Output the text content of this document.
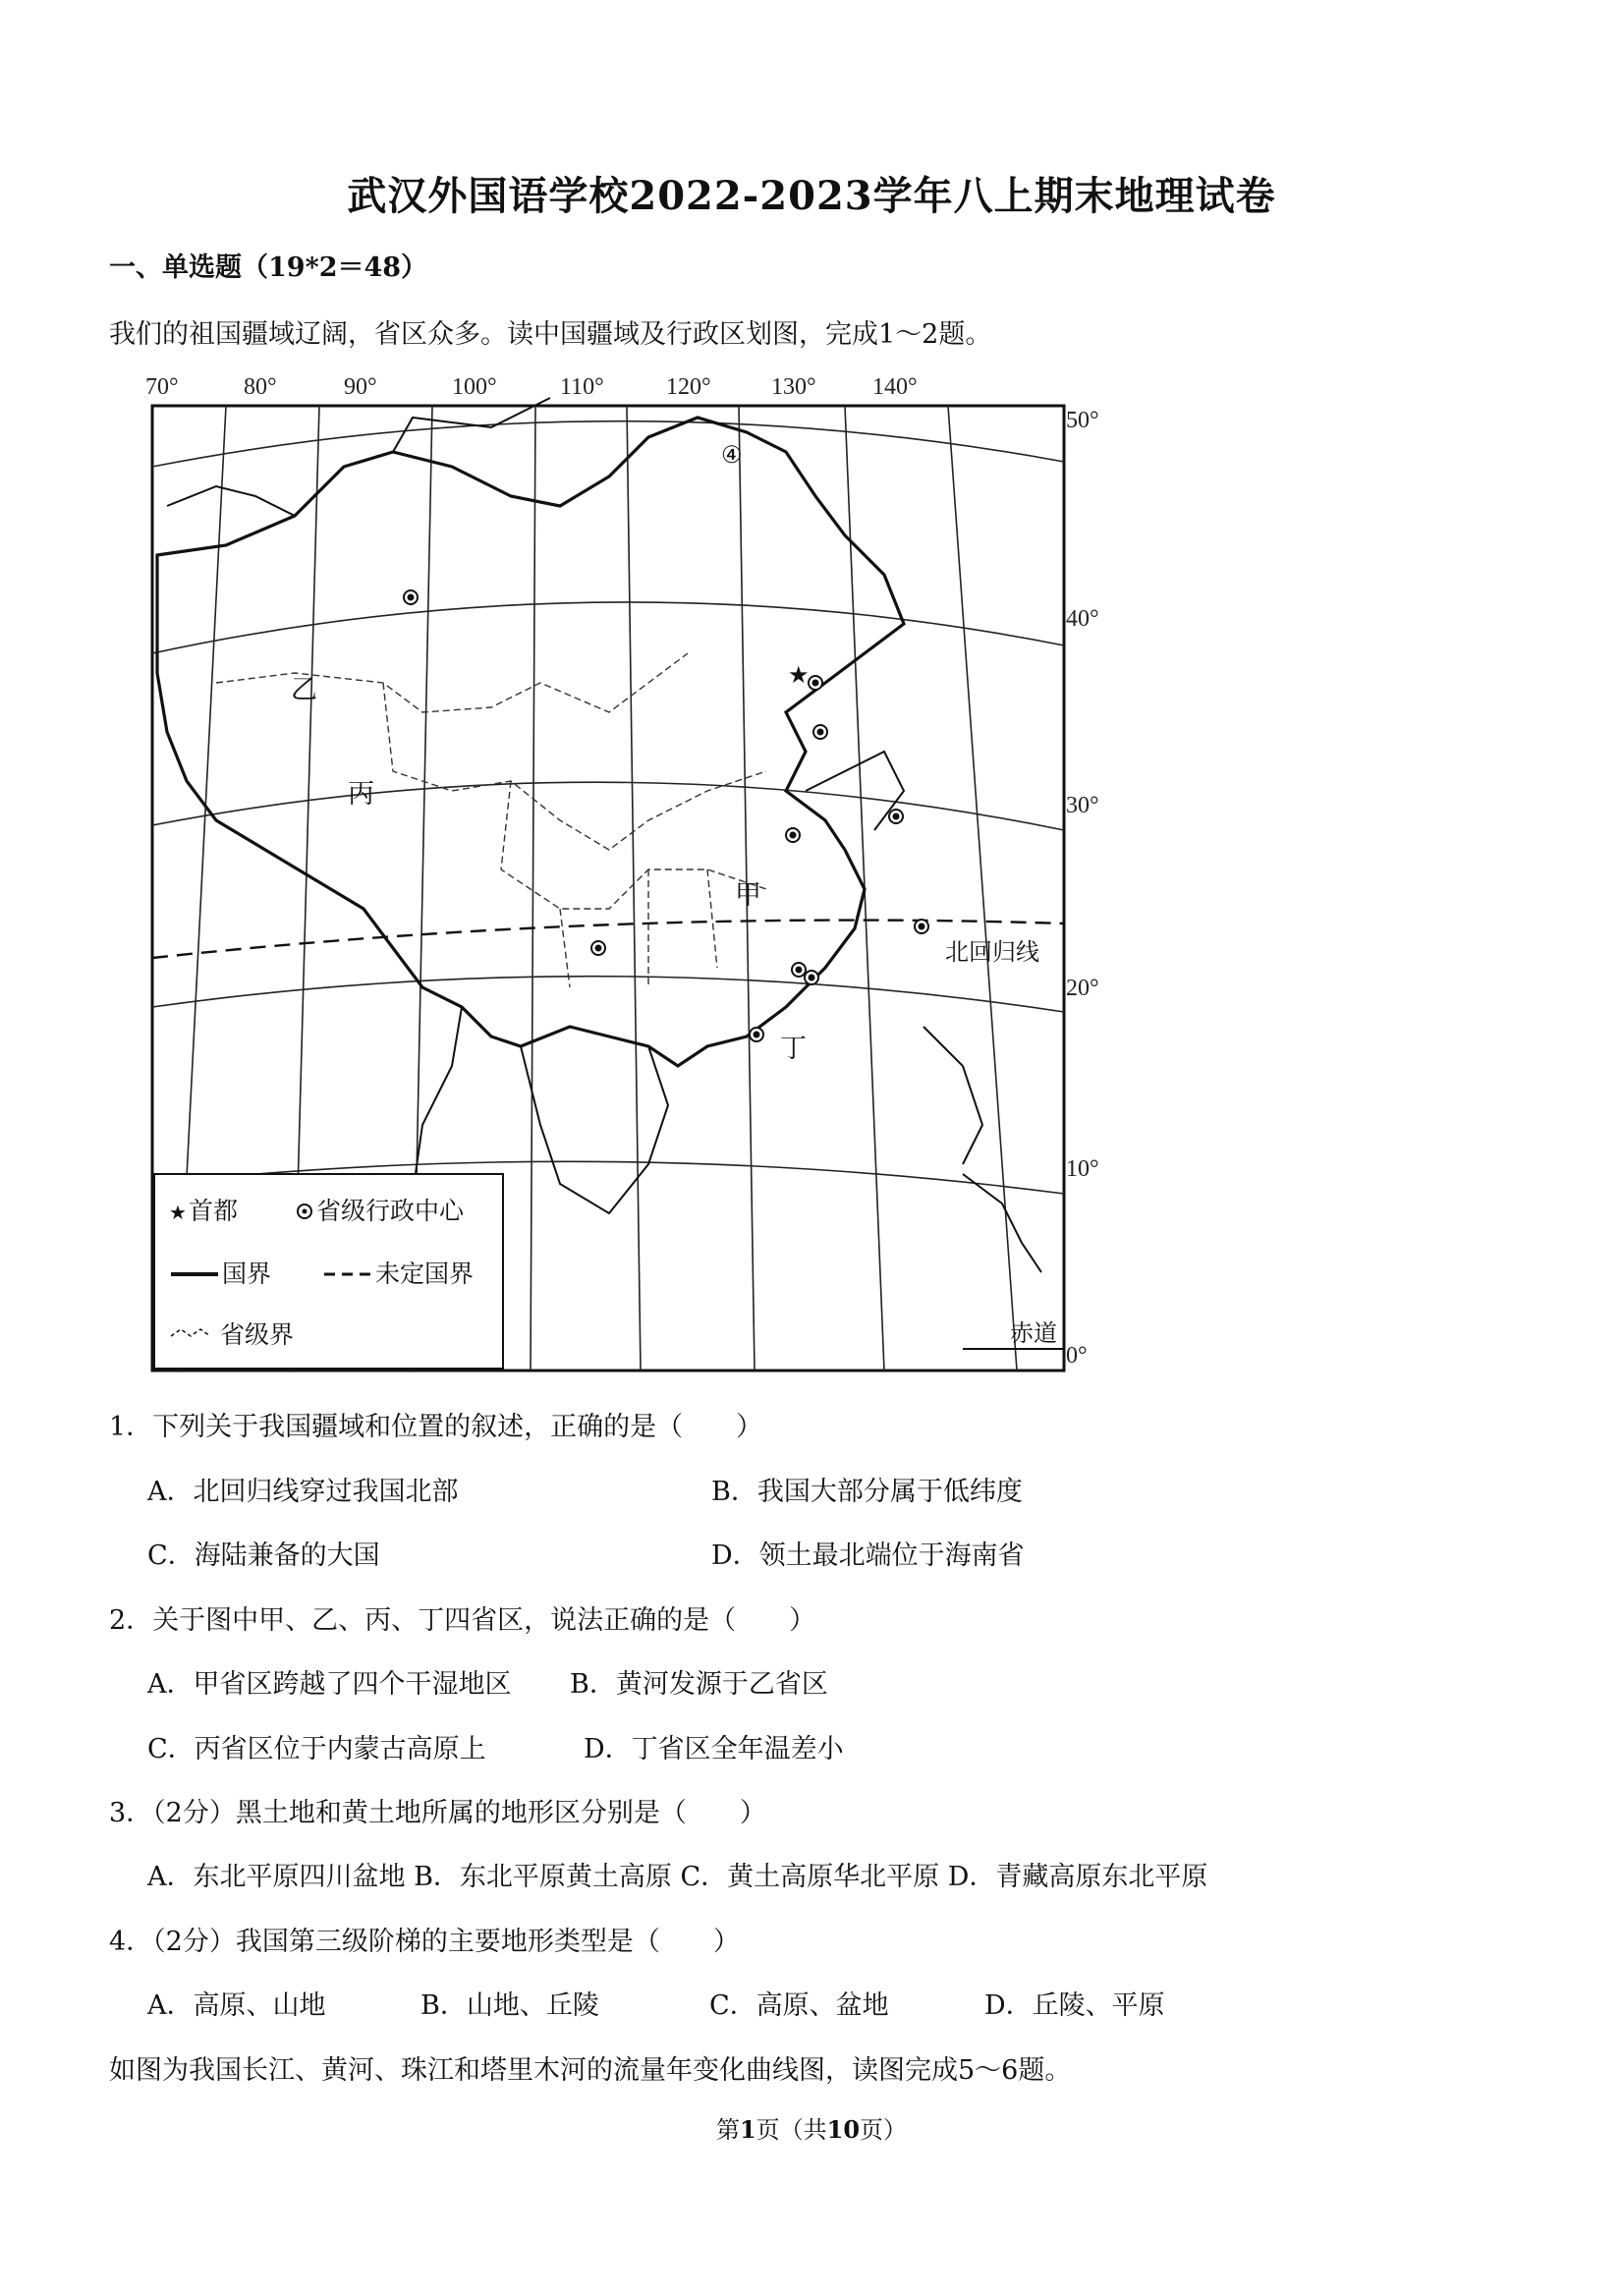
武汉外国语学校2022-2023学年八上期末地理试卷
一、单选题（19*2＝48）
我们的祖国疆域辽阔，省区众多。读中国疆域及行政区划图，完成1～2题。
70°	80°	90°	100°	110°	120°	130° 140°
50°
40°
30°
20°
10°
0°
北回归线
赤道
乙
丙
甲
丁
④
★
★ 首都	省级行政中心
国界	未定国界
省级界
1．下列关于我国疆域和位置的叙述，正确的是（　　）
A．北回归线穿过我国北部	B．我国大部分属于低纬度
C．海陆兼备的大国	D．领土最北端位于海南省
2．关于图中甲、乙、丙、丁四省区，说法正确的是（　　）
A．甲省区跨越了四个干湿地区 B．黄河发源于乙省区
C．丙省区位于内蒙古高原上	D．丁省区全年温差小
3．（2分）黑土地和黄土地所属的地形区分别是（　　）
A．东北平原四川盆地 B．东北平原黄土高原 C．黄土高原华北平原 D．青藏高原东北平原
4．（2分）我国第三级阶梯的主要地形类型是（　　）
A．高原、山地	B．山地、丘陵	C．高原、盆地	D．丘陵、平原
如图为我国长江、黄河、珠江和塔里木河的流量年变化曲线图，读图完成5～6题。
第1页（共10页）
